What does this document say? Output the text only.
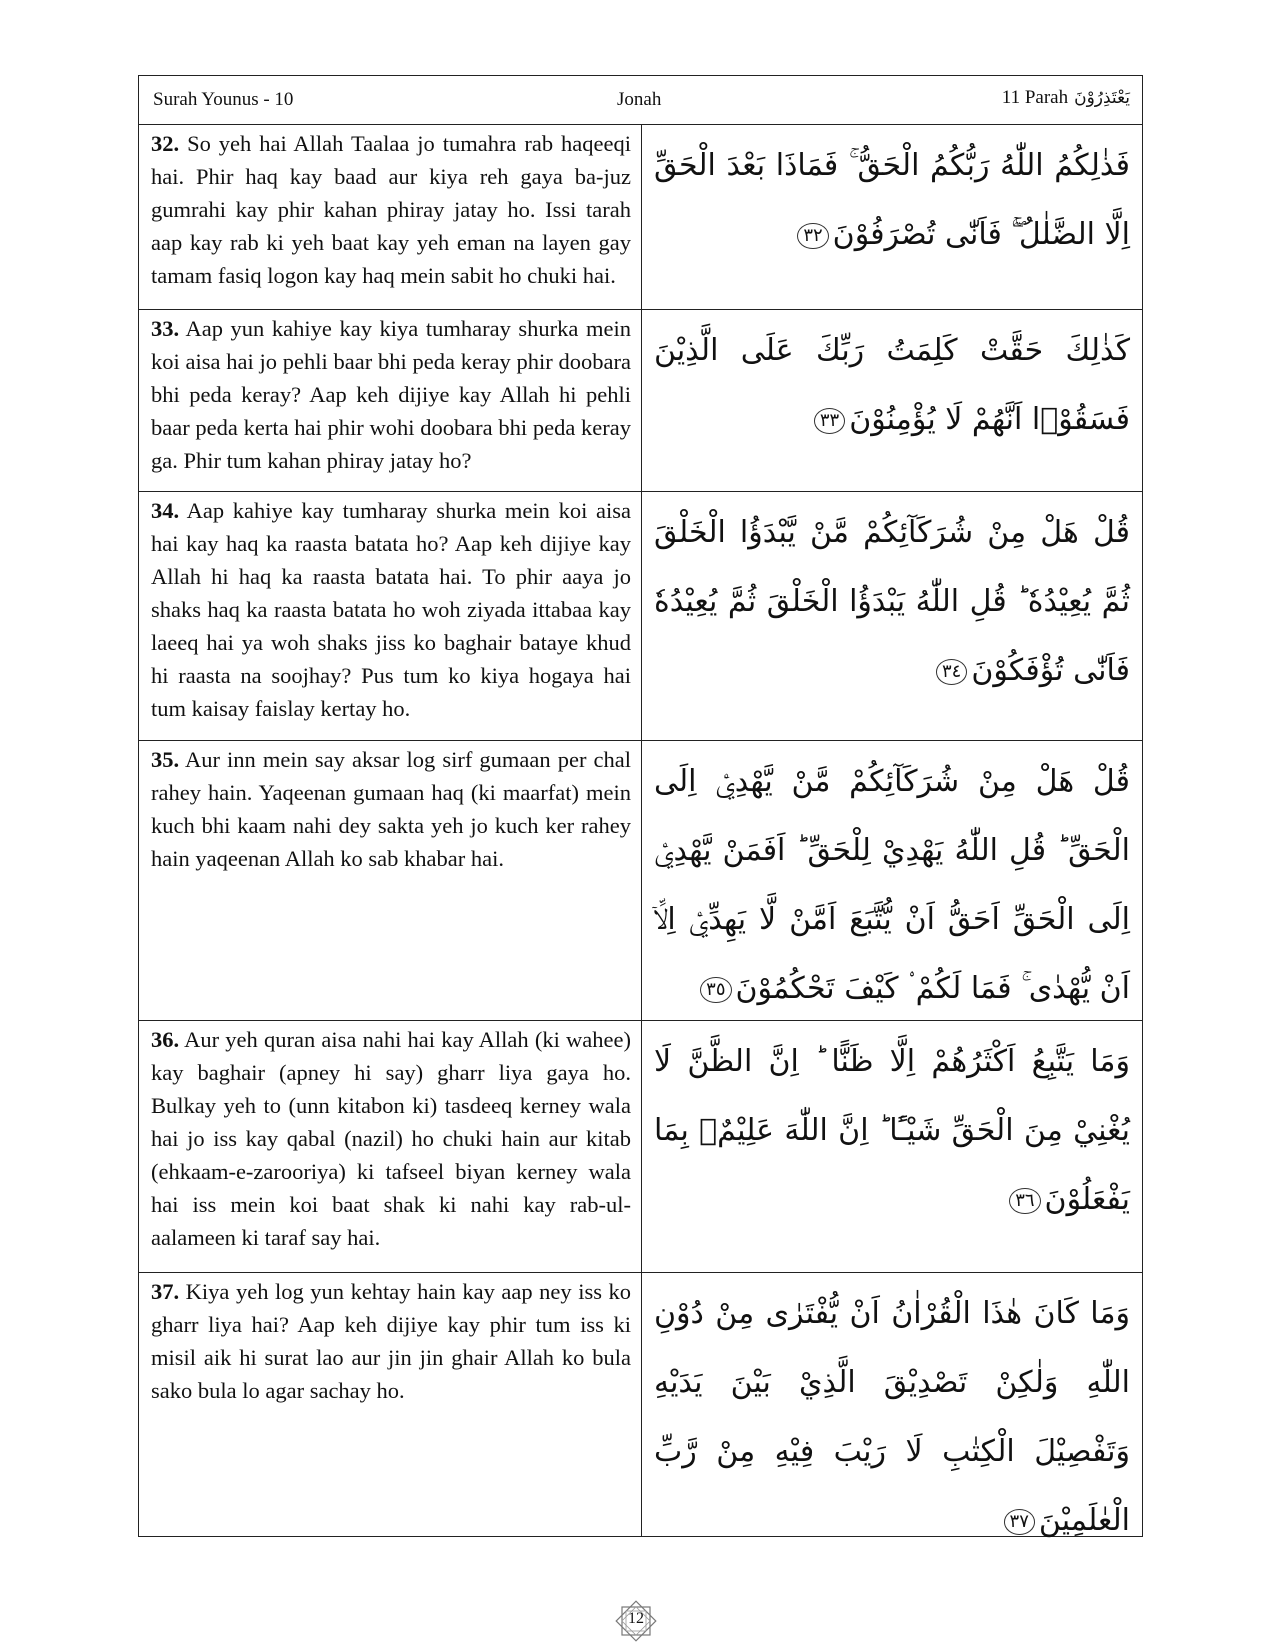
Surah Younus - 10	Jonah	11 Parah يَعْتَذِرُوْنَ
32. So yeh hai Allah Taalaa jo tumahra rab haqeeqi hai. Phir haq kay baad aur kiya reh gaya ba-juz gumrahi kay phir kahan phiray jatay ho. Issi tarah aap kay rab ki yeh baat kay yeh eman na layen gay tamam fasiq logon kay haq mein sabit ho chuki hai.
فَذٰلِكُمُ اللّٰهُ رَبُّكُمُ الْحَقُّ ۚ فَمَاذَا بَعْدَ الْحَقِّ اِلَّا الضَّلٰلُ ۚۖ فَاَنّٰى تُصْرَفُوْنَ٣٢
33. Aap yun kahiye kay kiya tumharay shurka mein koi aisa hai jo pehli baar bhi peda keray phir doobara bhi peda keray? Aap keh dijiye kay Allah hi pehli baar peda kerta hai phir wohi doobara bhi peda keray ga. Phir tum kahan phiray jatay ho?
كَذٰلِكَ حَقَّتْ كَلِمَتُ رَبِّكَ عَلَى الَّذِيْنَ فَسَقُوْۤا اَنَّهُمْ لَا يُؤْمِنُوْنَ٣٣
34. Aap kahiye kay tumharay shurka mein koi aisa hai kay haq ka raasta batata ho? Aap keh dijiye kay Allah hi haq ka raasta batata hai. To phir aaya jo shaks haq ka raasta batata ho woh ziyada ittabaa kay laeeq hai ya woh shaks jiss ko baghair bataye khud hi raasta na soojhay? Pus tum ko kiya hogaya hai tum kaisay faislay kertay ho.
قُلْ هَلْ مِنْ شُرَكَآئِكُمْ مَّنْ يَّبْدَؤُا الْخَلْقَ ثُمَّ يُعِيْدُهٗ ؕ قُلِ اللّٰهُ يَبْدَؤُا الْخَلْقَ ثُمَّ يُعِيْدُهٗ فَاَنّٰى تُؤْفَكُوْنَ٣٤
35. Aur inn mein say aksar log sirf gumaan per chal rahey hain. Yaqeenan gumaan haq (ki maarfat) mein kuch bhi kaam nahi dey sakta yeh jo kuch ker rahey hain yaqeenan Allah ko sab khabar hai.
قُلْ هَلْ مِنْ شُرَكَآئِكُمْ مَّنْ يَّهْدِيْۤ اِلَى الْحَقِّ ؕ قُلِ اللّٰهُ يَهْدِيْ لِلْحَقِّ ؕ اَفَمَنْ يَّهْدِيْۤ اِلَى الْحَقِّ اَحَقُّ اَنْ يُّتَّبَعَ اَمَّنْ لَّا يَهِدِّيْۤ اِلَّاۤ اَنْ يُّهْدٰى ۚ فَمَا لَكُمْ ۟ كَيْفَ تَحْكُمُوْنَ٣٥
36. Aur yeh quran aisa nahi hai kay Allah (ki wahee) kay baghair (apney hi say) gharr liya gaya ho. Bulkay yeh to (unn kitabon ki) tasdeeq kerney wala hai jo iss kay qabal (nazil) ho chuki hain aur kitab (ehkaam-e-zarooriya) ki tafseel biyan kerney wala hai iss mein koi baat shak ki nahi kay rab-ul-aalameen ki taraf say hai.
وَمَا يَتَّبِعُ اَكْثَرُهُمْ اِلَّا ظَنًّا ؕ اِنَّ الظَّنَّ لَا يُغْنِيْ مِنَ الْحَقِّ شَيْـًٔا ؕ اِنَّ اللّٰهَ عَلِيْمٌۢ بِمَا يَفْعَلُوْنَ٣٦
37. Kiya yeh log yun kehtay hain kay aap ney iss ko gharr liya hai? Aap keh dijiye kay phir tum iss ki misil aik hi surat lao aur jin jin ghair Allah ko bula sako bula lo agar sachay ho.
وَمَا كَانَ هٰذَا الْقُرْاٰنُ اَنْ يُّفْتَرٰى مِنْ دُوْنِ اللّٰهِ وَلٰكِنْ تَصْدِيْقَ الَّذِيْ بَيْنَ يَدَيْهِ وَتَفْصِيْلَ الْكِتٰبِ لَا رَيْبَ فِيْهِ مِنْ رَّبِّ الْعٰلَمِيْنَ٣٧
12
